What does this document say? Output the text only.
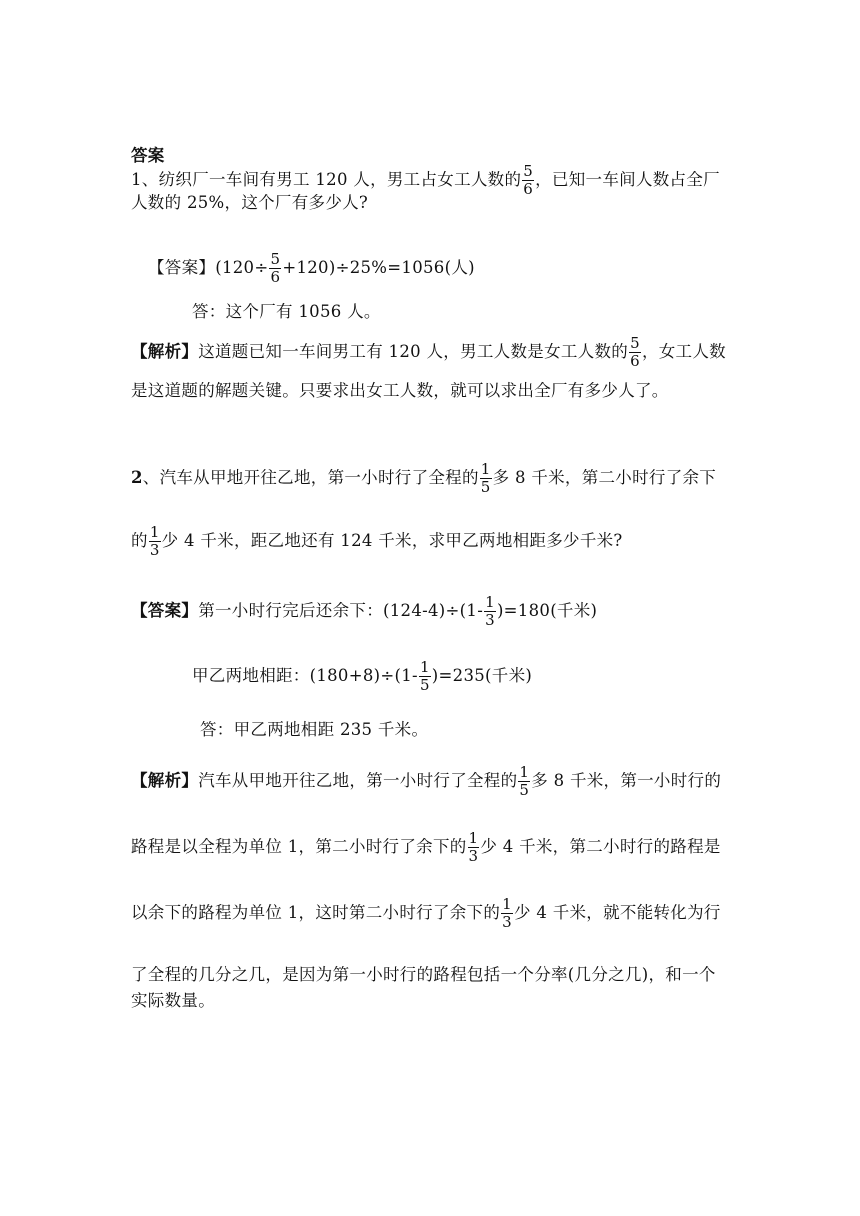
答案
1、纺织厂一车间有男工 120 人，男工占女工人数的 $\frac{5}{6}$ ，已知一车间人数占全厂
人数的 25%，这个厂有多少人?
【答案】$(120\div \frac{5}{6} +120)\div 25\%=1056$(人)
答：这个厂有 1056 人。
【解析】这道题已知一车间男工有 120 人，男工人数是女工人数的 $\frac{5}{6}$ ，女工人数
是这道题的解题关键。只要求出女工人数，就可以求出全厂有多少人了。
2、汽车从甲地开往乙地，第一小时行了全程的 $\frac{1}{5}$ 多 8 千米，第二小时行了余下
的 $\frac{1}{3}$ 少 4 千米，距乙地还有 124 千米，求甲乙两地相距多少千米?
【答案】第一小时行完后还余下：$(124-4)\div(1- \frac{1}{3} )=180$(千米)
甲乙两地相距：$(180+8)\div(1- \frac{1}{5} )=235$(千米)
答：甲乙两地相距 235 千米。
【解析】汽车从甲地开往乙地，第一小时行了全程的 $\frac{1}{5}$ 多 8 千米，第一小时行的
路程是以全程为单位 1，第二小时行了余下的 $\frac{1}{3}$ 少 4 千米，第二小时行的路程是
以余下的路程为单位 1，这时第二小时行了余下的 $\frac{1}{3}$ 少 4 千米，就不能转化为行
了全程的几分之几，是因为第一小时行的路程包括一个分率(几分之几)，和一个
实际数量。
